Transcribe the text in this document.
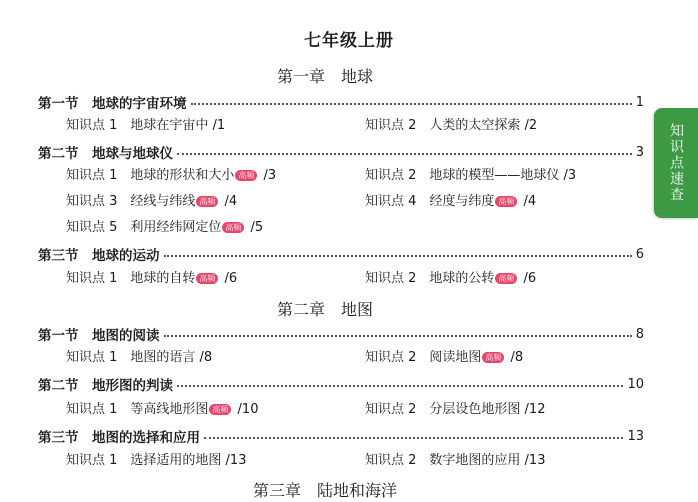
七年级上册
第一章　地球
第一节　地球的宇宙环境	1
知识点 1　地球在宇宙中 /1	知识点 2　人类的太空探索 /2
第二节　地球与地球仪	3
知识点 1　地球的形状和大小 高频 /3	知识点 2　地球的模型——地球仪 /3
知识点 3　经线与纬线 高频 /4	知识点 4　经度与纬度 高频 /4
知识点 5　利用经纬网定位 高频 /5
第三节　地球的运动	6
知识点 1　地球的自转 高频 /6	知识点 2　地球的公转 高频 /6
第二章　地图
第一节　地图的阅读	8
知识点 1　地图的语言 /8	知识点 2　阅读地图 高频 /8
第二节　地形图的判读	10
知识点 1　等高线地形图 高频 /10	知识点 2　分层设色地形图 /12
第三节　地图的选择和应用	13
知识点 1　选择适用的地图 /13	知识点 2　数字地图的应用 /13
第三章　陆地和海洋
知识点速查
